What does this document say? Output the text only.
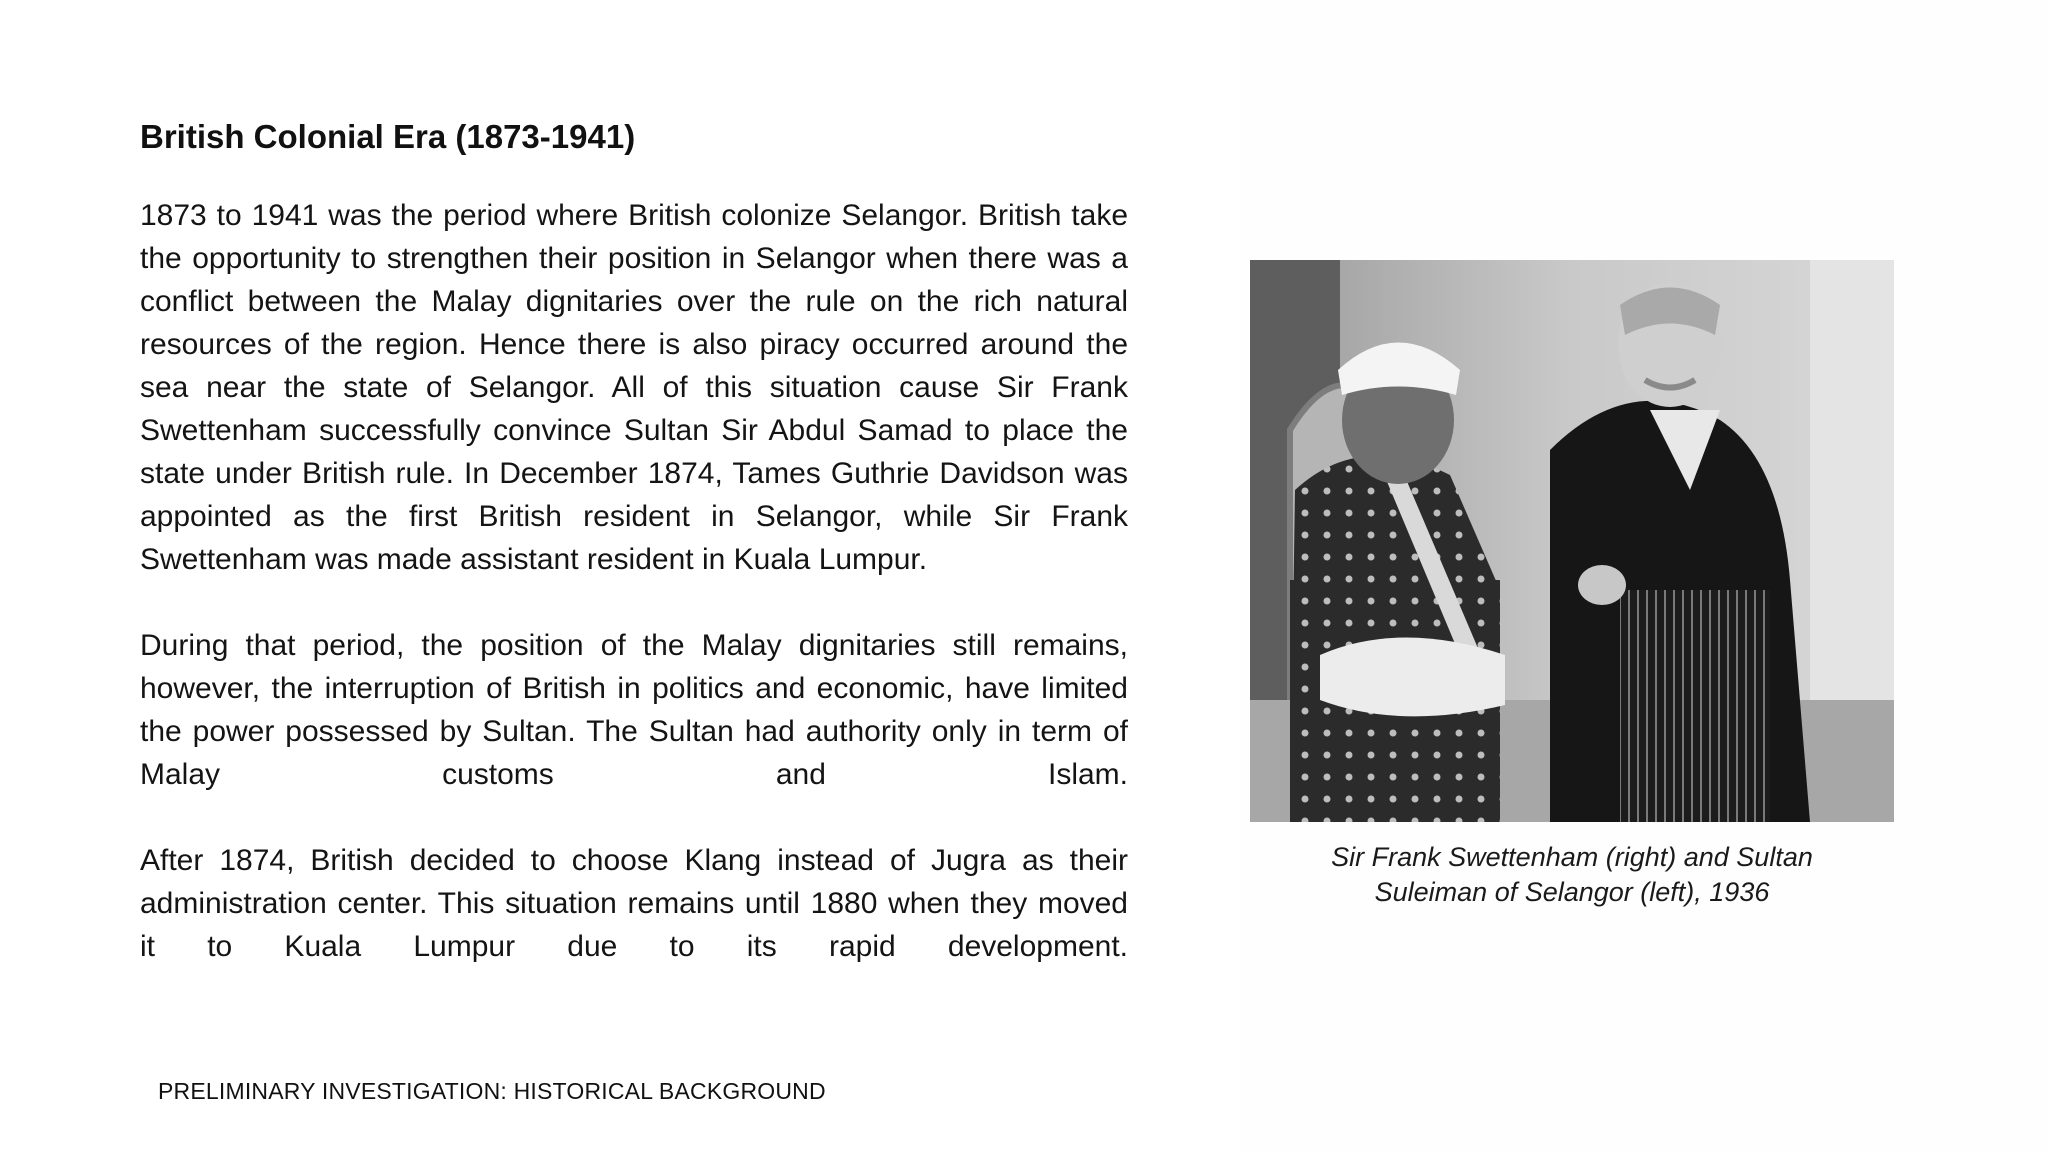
British Colonial Era (1873-1941)

1873 to 1941 was the period where British colonize Selangor. British take the opportunity to strengthen their position in Selangor when there was a conflict between the Malay dignitaries over the rule on the rich natural resources of the region. Hence there is also piracy occurred around the sea near the state of Selangor. All of this situation cause Sir Frank Swettenham successfully convince Sultan Sir Abdul Samad to place the state under British rule. In December 1874, Tames Guthrie Davidson was appointed as the first British resident in Selangor, while Sir Frank Swettenham was made assistant resident in Kuala Lumpur.

During that period, the position of the Malay dignitaries still remains, however, the interruption of British in politics and economic, have limited the power possessed by Sultan. The Sultan had authority only in term of Malay customs and Islam.

After 1874, British decided to choose Klang instead of Jugra as their administration center. This situation remains until 1880 when they moved it to Kuala Lumpur due to its rapid development.

Sir Frank Swettenham (right) and Sultan
Suleiman of Selangor (left), 1936
PRELIMINARY INVESTIGATION: HISTORICAL BACKGROUND
